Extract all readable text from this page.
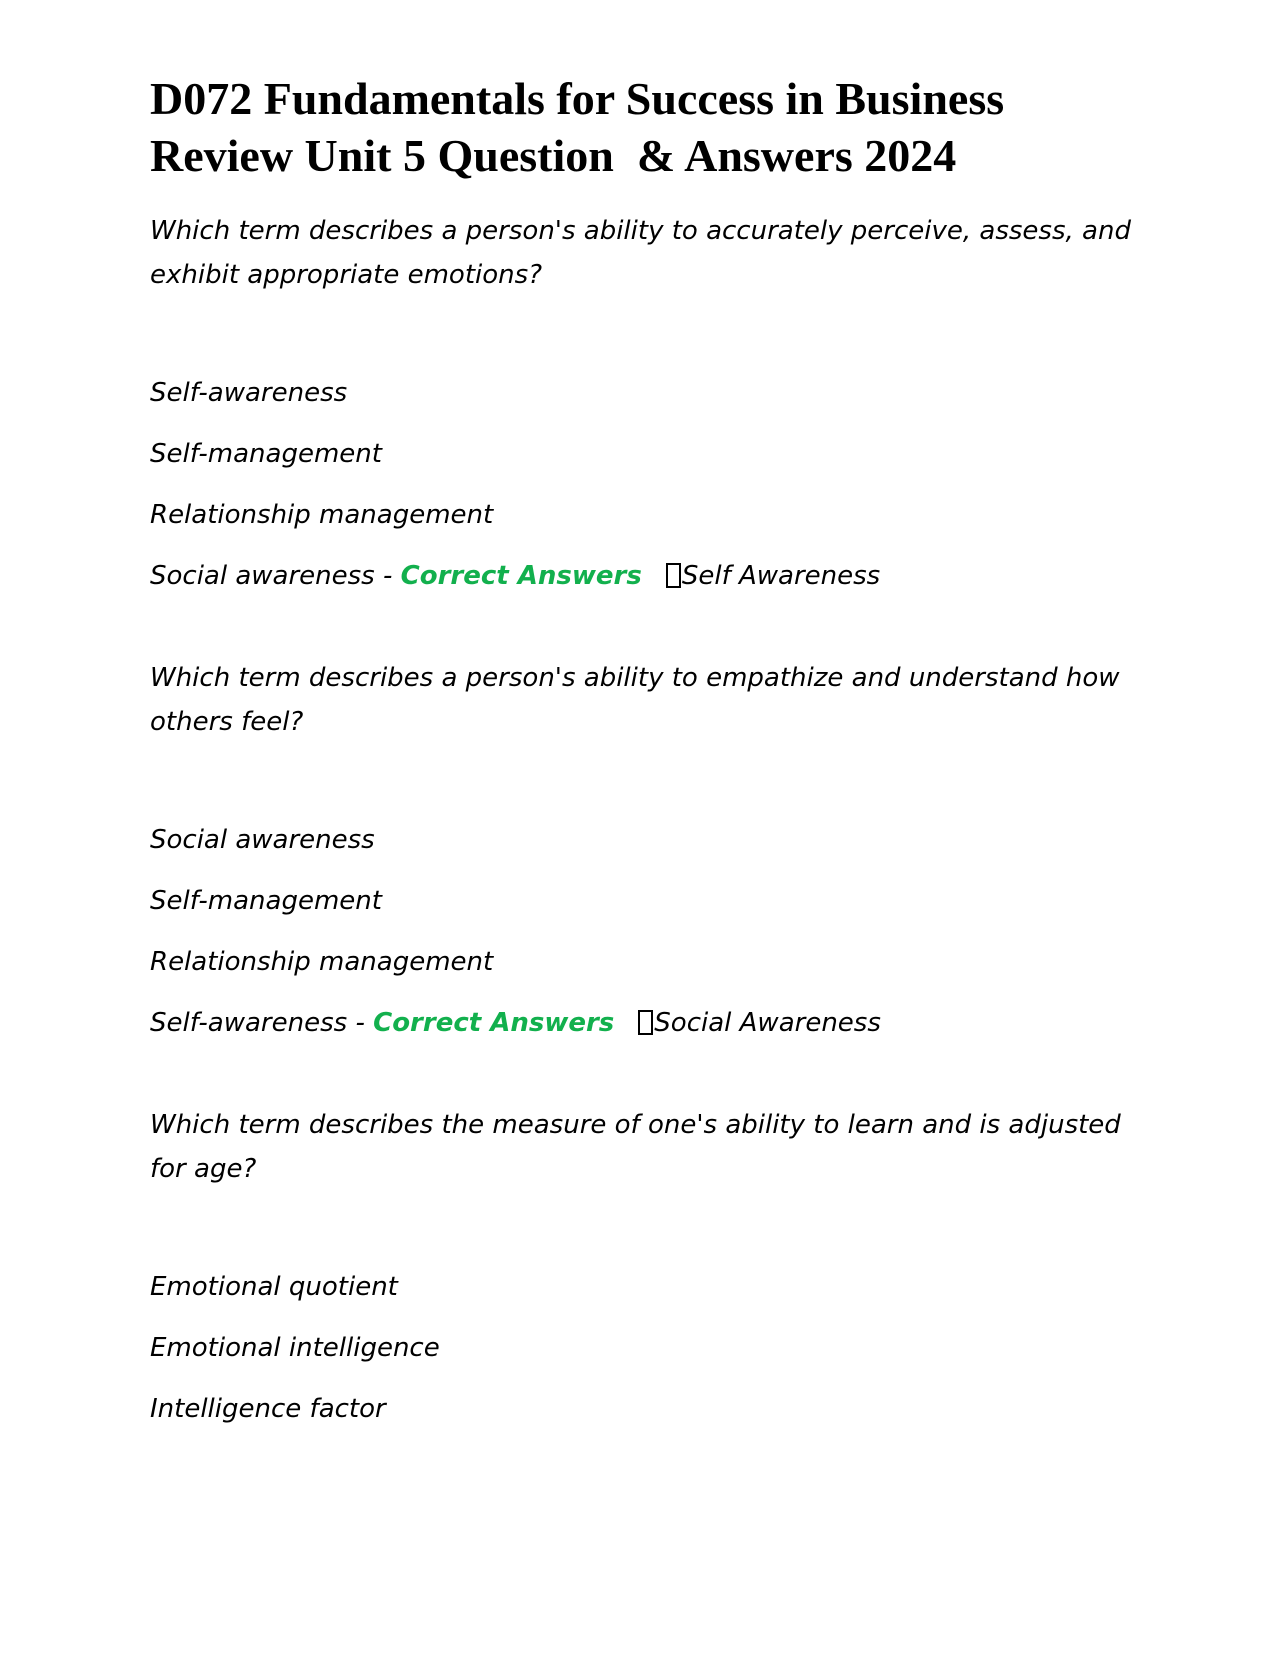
D072 Fundamentals for Success in Business Review Unit 5 Question  & Answers 2024

Which term describes a person's ability to accurately perceive, assess, and exhibit appropriate emotions?

Self-awareness

Self-management

Relationship management

Social awareness - Correct Answers Self Awareness

Which term describes a person's ability to empathize and understand how others feel?

Social awareness

Self-management

Relationship management

Self-awareness - Correct Answers Social Awareness

Which term describes the measure of one's ability to learn and is adjusted for age?

Emotional quotient

Emotional intelligence

Intelligence factor
